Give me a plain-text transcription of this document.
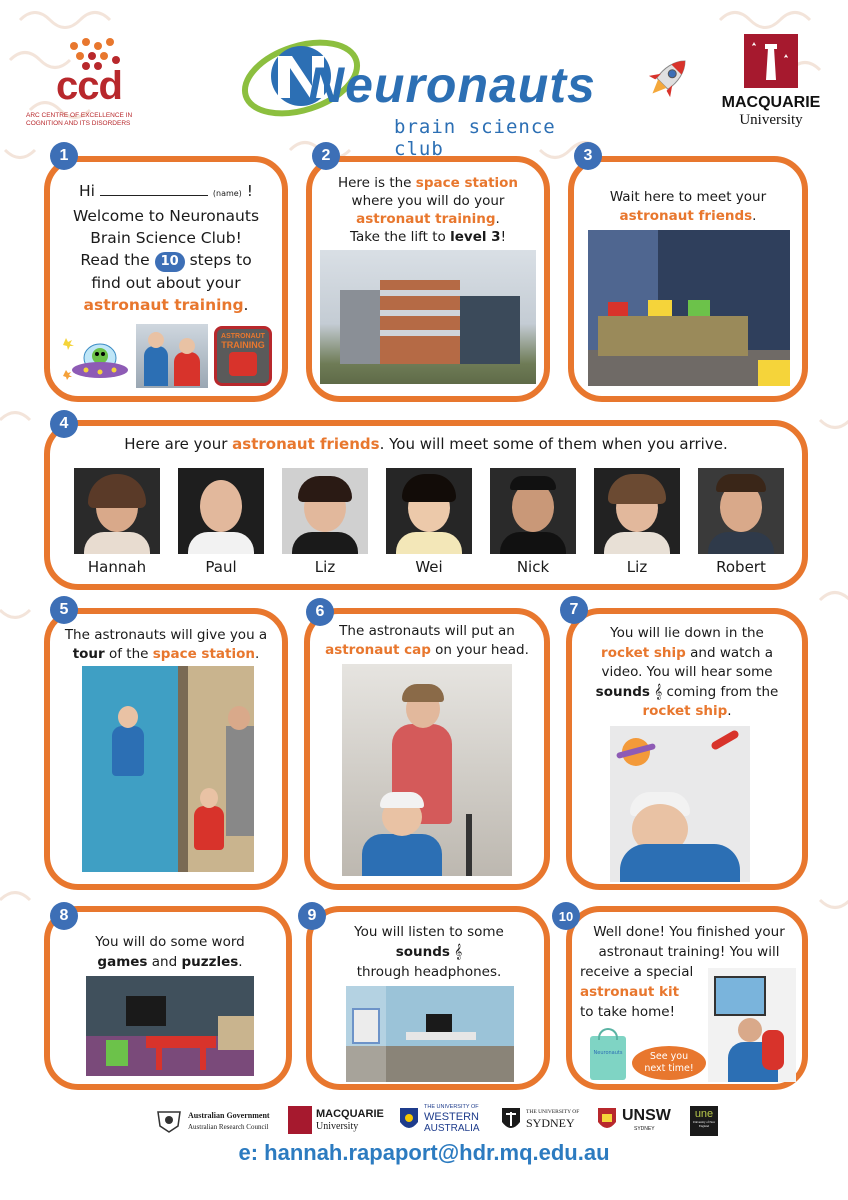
ccd
ARC CENTRE OF EXCELLENCE IN
COGNITION AND ITS DISORDERS
Neuronauts
brain science club
MACQUARIE
University
1
Hi	(name) !
Welcome to Neuronauts
Brain Science Club!
Read the 10 steps to
find out about your
astronaut training.
ASTRONAUT
TRAINING
2
Here is the space station
where you will do your
astronaut training.
Take the lift to level 3!
3
Wait here to meet your
astronaut friends.
4
Here are your astronaut friends. You will meet some of them when you arrive.
Hannah	Paul	Liz	Wei	Nick	Liz	Robert
5
The astronauts will give you a
tour of the space station.
6
The astronauts will put an
astronaut cap on your head.
7
You will lie down in the
rocket ship and watch a
video. You will hear some
sounds 𝄞 coming from the
rocket ship.
8
You will do some word
games and puzzles.
9
You will listen to some
sounds 𝄞
through headphones.
10
Well done! You finished your
astronaut training! You will
receive a special
astronaut kit
to take home!
Neuronauts	See you next time!
Australian Government
Australian Research Council
MACQUARIE
University
THE UNIVERSITY OF
WESTERN
AUSTRALIA
THE UNIVERSITY OF
SYDNEY	UNSW
SYDNEY
une
University of New England
e: hannah.rapaport@hdr.mq.edu.au
